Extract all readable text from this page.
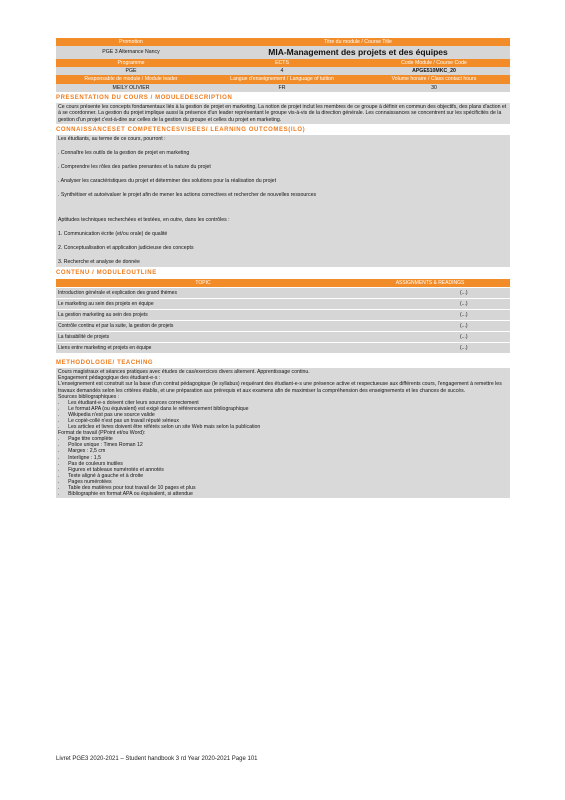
Promotion	Titre du module / Course Title
PGE 3 Alternance Nancy	MIA-Management des projets et des équipes
Programme	ECTS	Code Module / Course Code
PGE	4	APGE510MKC_20
Responsable de module / Module leader	Langue d'enseignement / Language of tuition	Volume horaire / Class contact hours
MEILY OLIVIER	FR	30
PRESENTATION DU COURS / MODULEDESCRIPTION

Ce cours présente les concepts fondamentaux liés à la gestion de projet en marketing. La notion de projet inclut les membres de ce groupe à définir en commun des objectifs, des plans d'action et à se coordonner. La gestion du projet implique aussi la présence d'un leader représentant le groupe vis-à-vis de la direction générale. Les connaissances se concentrent sur les spécificités de la gestion d'un projet c'est-à-dire sur celles de la gestion du groupe et celles du projet en marketing.

CONNAISSANCESET COMPETENCESVISEES/ LEARNING OUTCOMES(ILO)

Les étudiants, au terme de ce cours, pourront :

. Connaître les outils de la gestion de projet en marketing

. Comprendre les rôles des parties prenantes et la nature du projet

. Analyser les caractéristiques du projet et déterminer des solutions pour la réalisation du projet

. Synthétiser et autoévaluer le projet afin de mener les actions correctives et rechercher de nouvelles ressources

Aptitudes techniques recherchées et testées, en outre, dans les contrôles :

1. Communication écrite (et/ou orale) de qualité

2. Conceptualisation et application judicieuse des concepts

3. Recherche et analyse de donnée

CONTENU / MODULEOUTLINE
TOPIC	ASSIGNMENTS & READINGS
Introduction générale et explication des grand thèmes	(...)
Le marketing au sein des projets en équipe	(...)
La gestion marketing au sein des projets	(...)
Contrôle continu et par la suite, la gestion de projets	(...)
La faisabilité de projets	(...)
Liens entre marketing et projets en équipe	(...)
METHODOLOGIE/ TEACHING

Cours magistraux et séances pratiques avec études de cas/exercices divers alternent. Apprentissage continu.

Engagement pédagogique des étudiant-e-s :

L'enseignement est construit sur la base d'un contrat pédagogique (le syllabus) requérant des étudiant-e-s une présence active et respectueuse aux différents cours, l'engagement à remettre les travaux demandés selon les critères établis, et une préparation aux prérequis et aux examens afin de maximiser la compréhension des enseignements et les chances de succès.

Sources bibliographiques :

.      Les étudiant-e-s doivent citer leurs sources correctement

.      Le format APA (ou équivalent) est exigé dans le référencement bibliographique

.      Wikipedia n'est pas une source valide

.      Le copié-collé n'est pas un travail réputé sérieux

.      Les articles et livres doivent être référés selon un site Web mais selon la publication

Format de travail (PPoint et/ou Word):

.      Page titre complète

.      Police unique : Times Roman 12

.      Marges : 2,5 cm

.      Interligne : 1,5

.      Pas de couleurs inutiles

.      Figures et tableaux numérotés et annotés

.      Texte aligné à gauche et à droite

.      Pages numérotées

.      Table des matières pour tout travail de 10 pages et plus

.      Bibliographie en format APA ou équivalent, si attendue

Livret PGE3 2020-2021 – Student handbook 3 rd Year 2020-2021 Page 101
